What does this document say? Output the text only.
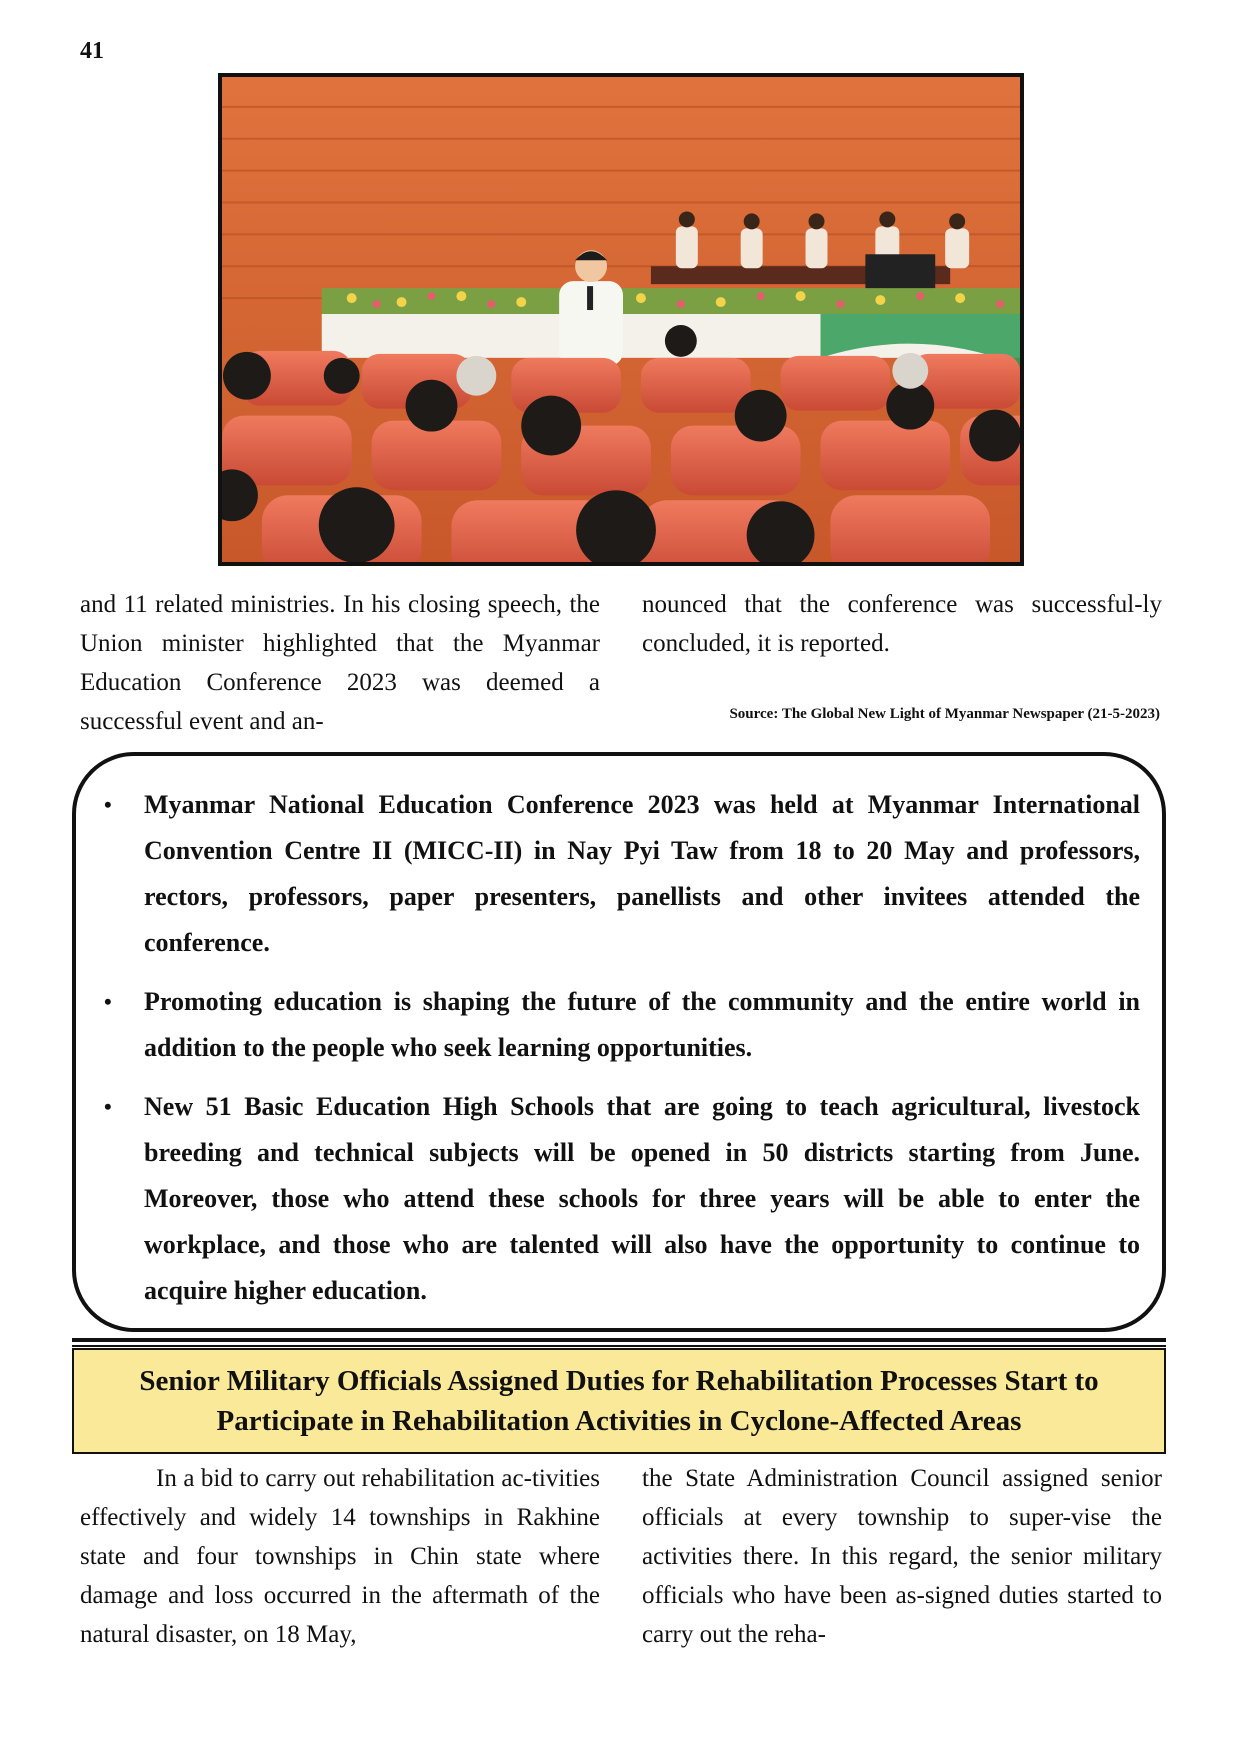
41

and 11 related ministries. In his closing speech, the Union minister highlighted that the Myanmar Education Conference 2023 was deemed a successful event and an-

nounced that the conference was successful-ly concluded, it is reported.

Source: The Global New Light of Myanmar Newspaper (21-5-2023)
• Myanmar National Education Conference 2023 was held at Myanmar International Convention Centre II (MICC-II) in Nay Pyi Taw from 18 to 20 May and professors, rectors, professors, paper presenters, panellists and other invitees attended the conference.
• Promoting education is shaping the future of the community and the entire world in addition to the people who seek learning opportunities.
• New 51 Basic Education High Schools that are going to teach agricultural, livestock breeding and technical subjects will be opened in 50 districts starting from June. Moreover, those who attend these schools for three years will be able to enter the workplace, and those who are talented will also have the opportunity to continue to acquire higher education.
Senior Military Officials Assigned Duties for Rehabilitation Processes Start to
Participate in Rehabilitation Activities in Cyclone-Affected Areas

In a bid to carry out rehabilitation ac-tivities effectively and widely 14 townships in Rakhine state and four townships in Chin state where damage and loss occurred in the aftermath of the natural disaster, on 18 May,

the State Administration Council assigned senior officials at every township to super-vise the activities there. In this regard, the senior military officials who have been as-signed duties started to carry out the reha-
